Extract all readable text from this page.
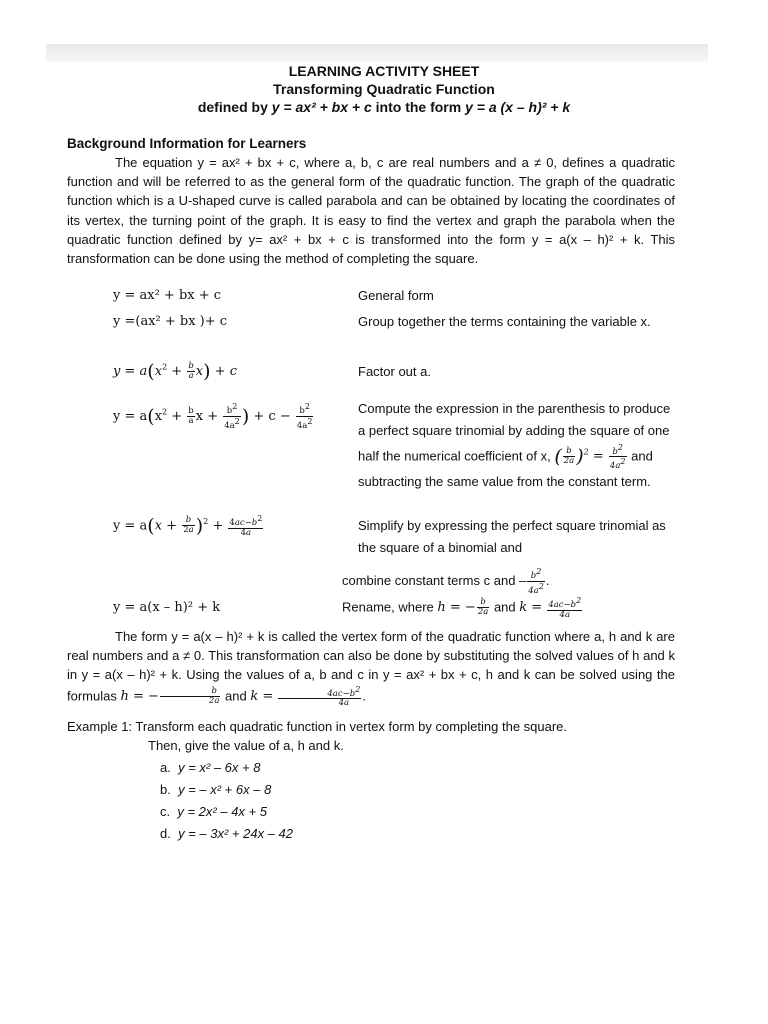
LEARNING ACTIVITY SHEET
Transforming Quadratic Function
defined by y = ax² + bx + c into the form y = a (x – h)² + k
Background Information for Learners
The equation y = ax² + bx + c, where a, b, c are real numbers and a ≠ 0, defines a quadratic function and will be referred to as the general form of the quadratic function. The graph of the quadratic function which is a U-shaped curve is called parabola and can be obtained by locating the coordinates of its vertex, the turning point of the graph. It is easy to find the vertex and graph the parabola when the quadratic function defined by y= ax² + bx + c is transformed into the form y = a(x – h)² + k. This transformation can be done using the method of completing the square.
y = ax² + bx + c	General form
y =(ax² + bx )+ c	Group together the terms containing the variable x.
$y = a(x^2 + \frac{b}{a} x) + c$	Factor out a.
$y = a(x^2 + \frac{b}{a}$ $x + \frac{b^2}{4a^2}$ ) + $c - \frac{b^2}{4a^2}$	Compute the expression in the parenthesis to produce a perfect square trinomial by adding the square of one half the numerical coefficient of x, ( $\frac{b}{2a} )^2 = \frac{b^2}{4a^2}$ and subtracting the same value from the constant term.
$y = a(x + \frac{b}{2a} )^2 + \frac{4ac-b^2}{4a}$	Simplify by expressing the perfect square trinomial as the square of a binomial and
combine constant terms c and – $\frac{b^2}{4a^2}$ .
y = a(x – h)² + k	Rename, where h = − $\frac{b}{2a}$ and $k = \frac{4ac-b^2}{4a}$
The form y = a(x – h)² + k is called the vertex form of the quadratic function where a, h and k are real numbers and a ≠ 0. This transformation can also be done by substituting the solved values of h and k in y = a(x – h)² + k. Using the values of a, b and c in y = ax² + bx + c, h and k can be solved using the formulas h = − $\frac{b}{2a}$ and $k = \frac{4ac-b^2}{4a}$ .
Example 1: Transform each quadratic function in vertex form by completing the square.
Then, give the value of a, h and k.
a. y = x² – 6x + 8
b. y = – x² + 6x – 8
c. y = 2x² – 4x + 5
d. y = – 3x² + 24x – 42
